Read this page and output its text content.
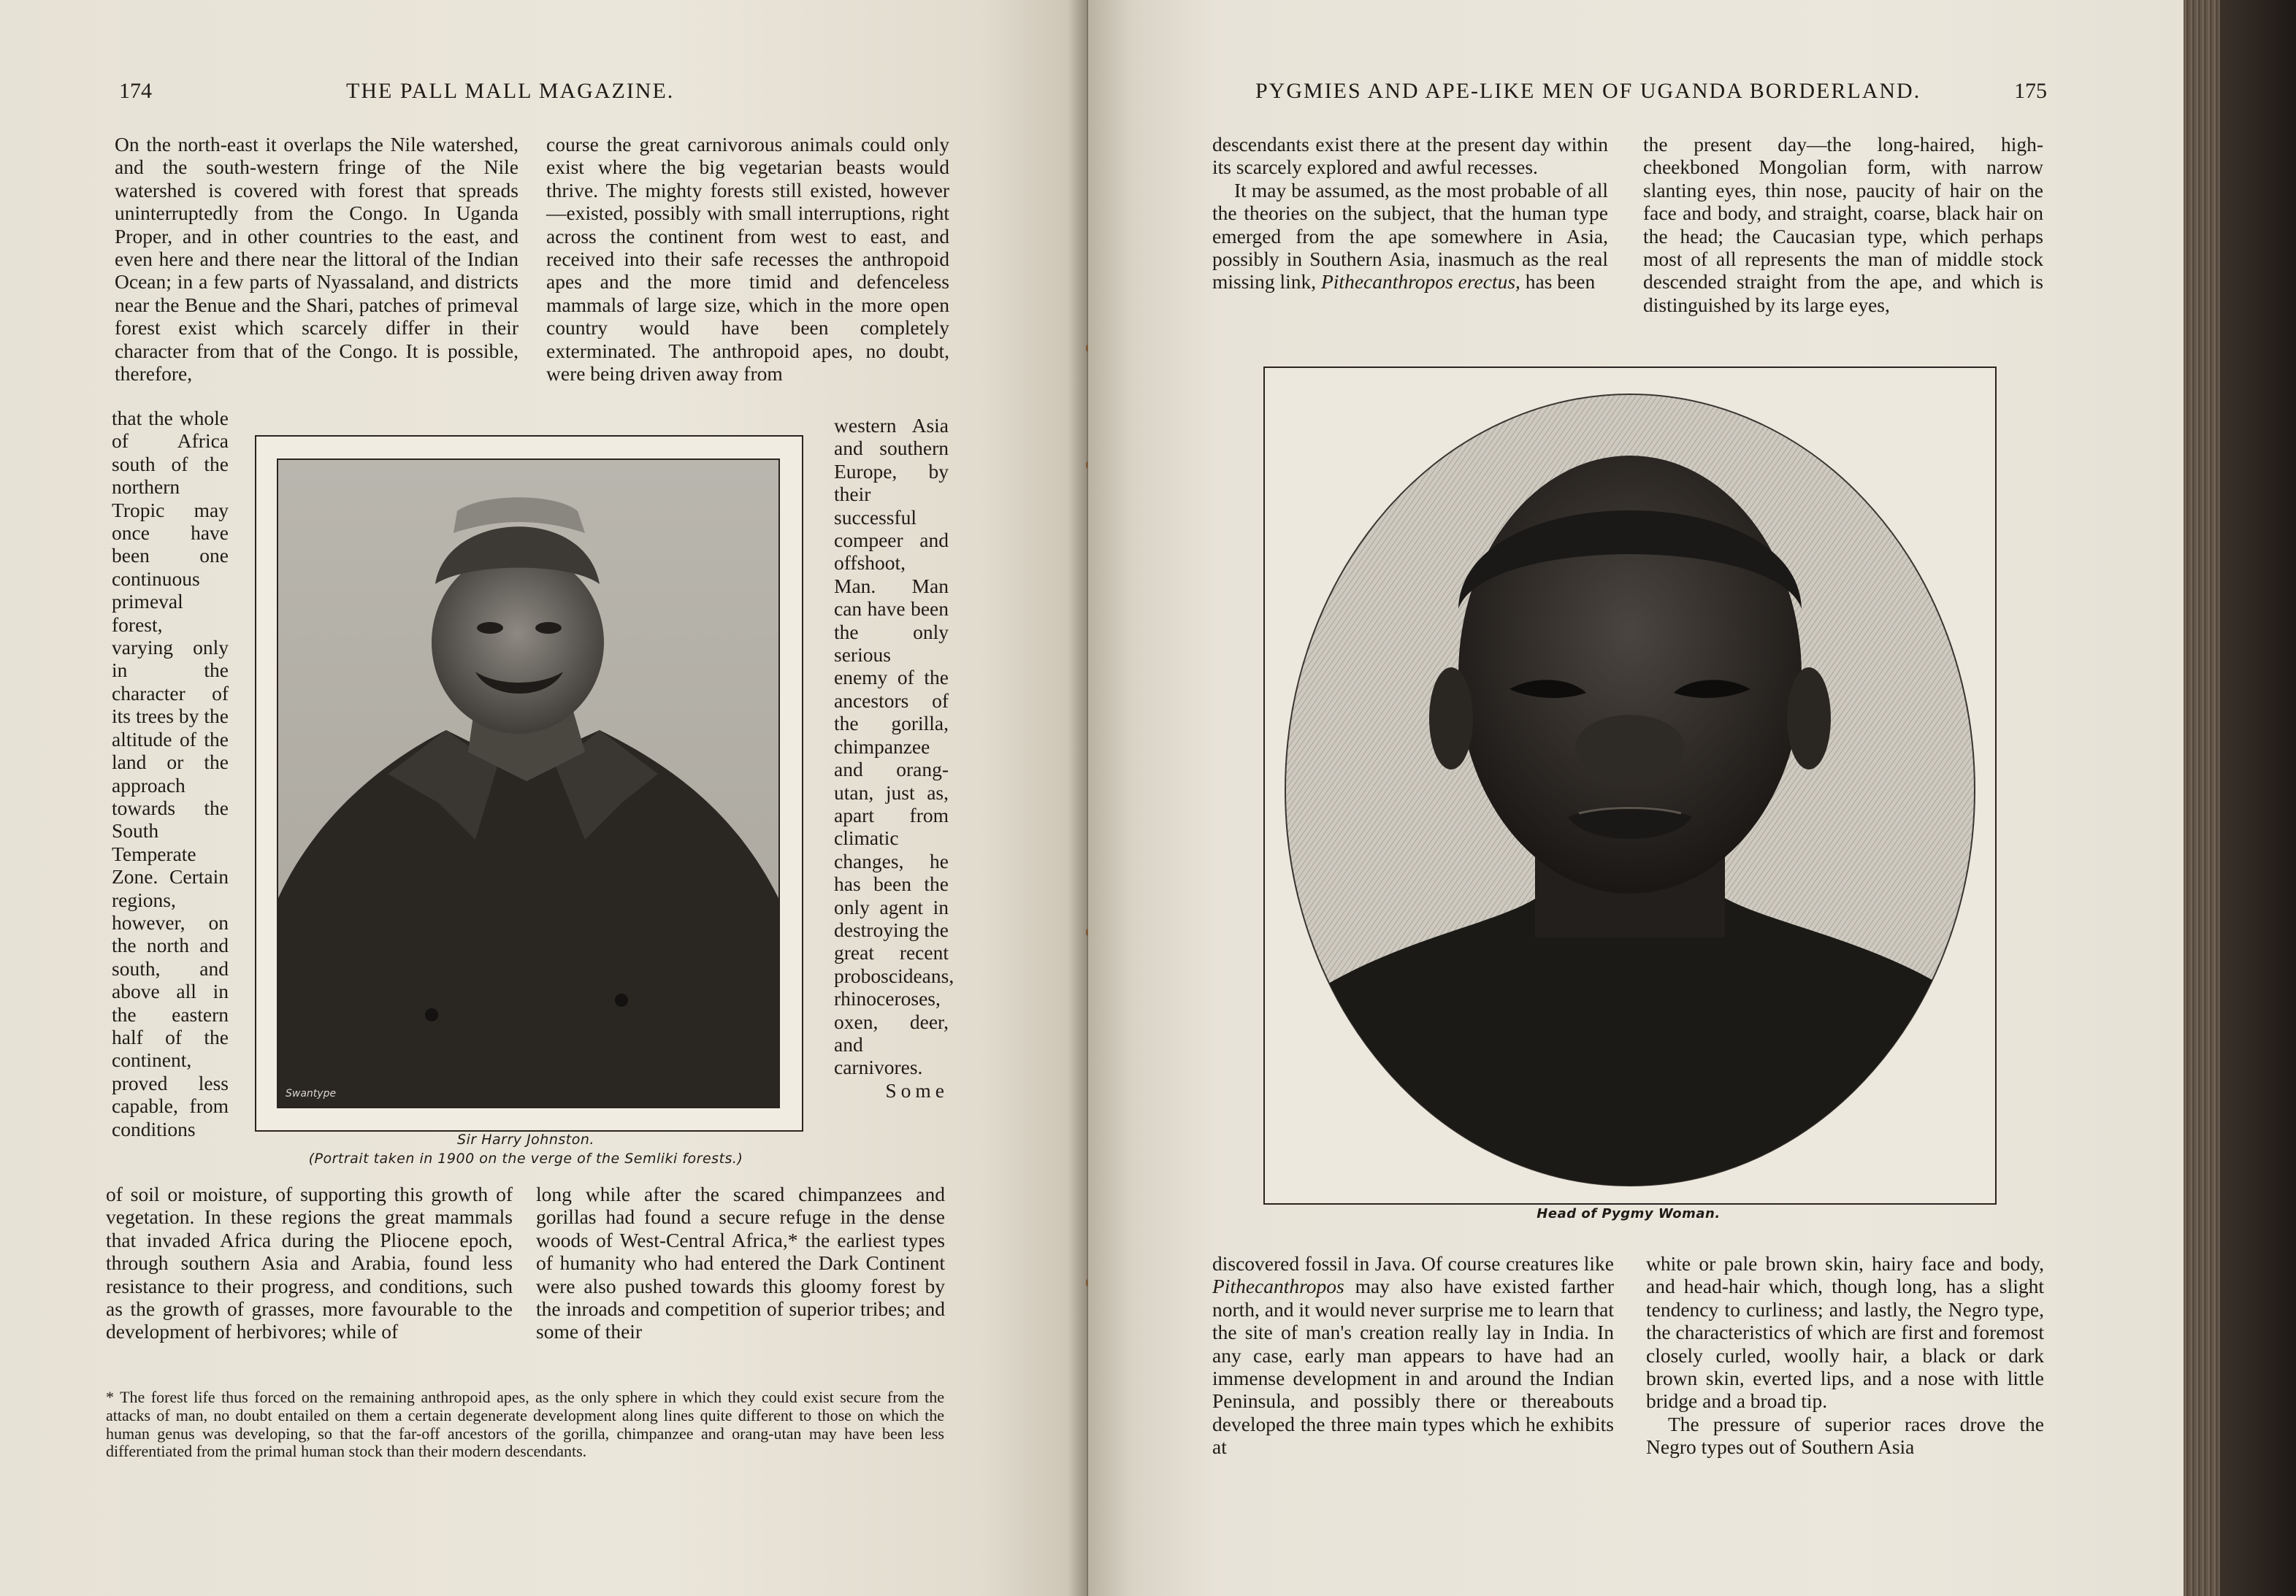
174	THE PALL MALL MAGAZINE.

On the north-east it overlaps the Nile watershed, and the south-western fringe of the Nile watershed is covered with forest that spreads uninterruptedly from the Congo. In Uganda Proper, and in other countries to the east, and even here and there near the littoral of the Indian Ocean; in a few parts of Nyassaland, and districts near the Benue and the Shari, patches of primeval forest exist which scarcely differ in their character from that of the Congo. It is possible, therefore,

that the whole of Africa south of the northern Tropic may once have been one continuous primeval forest, varying only in the character of its trees by the altitude of the land or the approach towards the South Temperate Zone. Certain regions, however, on the north and south, and above all in the eastern half of the continent, proved less capable, from conditions

of soil or moisture, of supporting this growth of vegetation. In these regions the great mammals that invaded Africa during the Pliocene epoch, through southern Asia and Arabia, found less resistance to their progress, and conditions, such as the growth of grasses, more favourable to the development of herbivores; while of

course the great carnivorous animals could only exist where the big vegetarian beasts would thrive. The mighty forests still existed, however—existed, possibly with small interruptions, right across the continent from west to east, and received into their safe recesses the anthropoid apes and the more timid and defenceless mammals of large size, which in the more open country would have been completely exterminated. The anthropoid apes, no doubt, were being driven away from

western Asia and southern Europe, by their successful compeer and offshoot, Man. Man can have been the only serious enemy of the ancestors of the gorilla, chimpanzee and orang-utan, just as, apart from climatic changes, he has been the only agent in destroying the great recent proboscideans, rhinoceroses, oxen, deer, and carnivores.

Some

long while after the scared chimpanzees and gorillas had found a secure refuge in the dense woods of West-Central Africa,* the earliest types of humanity who had entered the Dark Continent were also pushed towards this gloomy forest by the inroads and competition of superior tribes; and some of their

Swantype
Sir Harry Johnston.
(Portrait taken in 1900 on the verge of the Semliki forests.)
* The forest life thus forced on the remaining anthropoid apes, as the only sphere in which they could exist secure from the attacks of man, no doubt entailed on them a certain degenerate development along lines quite different to those on which the human genus was developing, so that the far-off ancestors of the gorilla, chimpanzee and orang-utan may have been less differentiated from the primal human stock than their modern descendants.
PYGMIES AND APE-LIKE MEN OF UGANDA BORDERLAND.	175

descendants exist there at the present day within its scarcely explored and awful recesses.

It may be assumed, as the most probable of all the theories on the subject, that the human type emerged from the ape somewhere in Asia, possibly in Southern Asia, inasmuch as the real missing link, Pithecanthropos erectus, has been

the present day—the long-haired, high-cheekboned Mongolian form, with narrow slanting eyes, thin nose, paucity of hair on the face and body, and straight, coarse, black hair on the head; the Caucasian type, which perhaps most of all represents the man of middle stock descended straight from the ape, and which is distinguished by its large eyes,

Head of Pygmy Woman.

discovered fossil in Java. Of course creatures like Pithecanthropos may also have existed farther north, and it would never surprise me to learn that the site of man's creation really lay in India. In any case, early man appears to have had an immense development in and around the Indian Peninsula, and possibly there or thereabouts developed the three main types which he exhibits at

white or pale brown skin, hairy face and body, and head-hair which, though long, has a slight tendency to curliness; and lastly, the Negro type, the characteristics of which are first and foremost closely curled, woolly hair, a black or dark brown skin, everted lips, and a nose with little bridge and a broad tip.

The pressure of superior races drove the Negro types out of Southern Asia
